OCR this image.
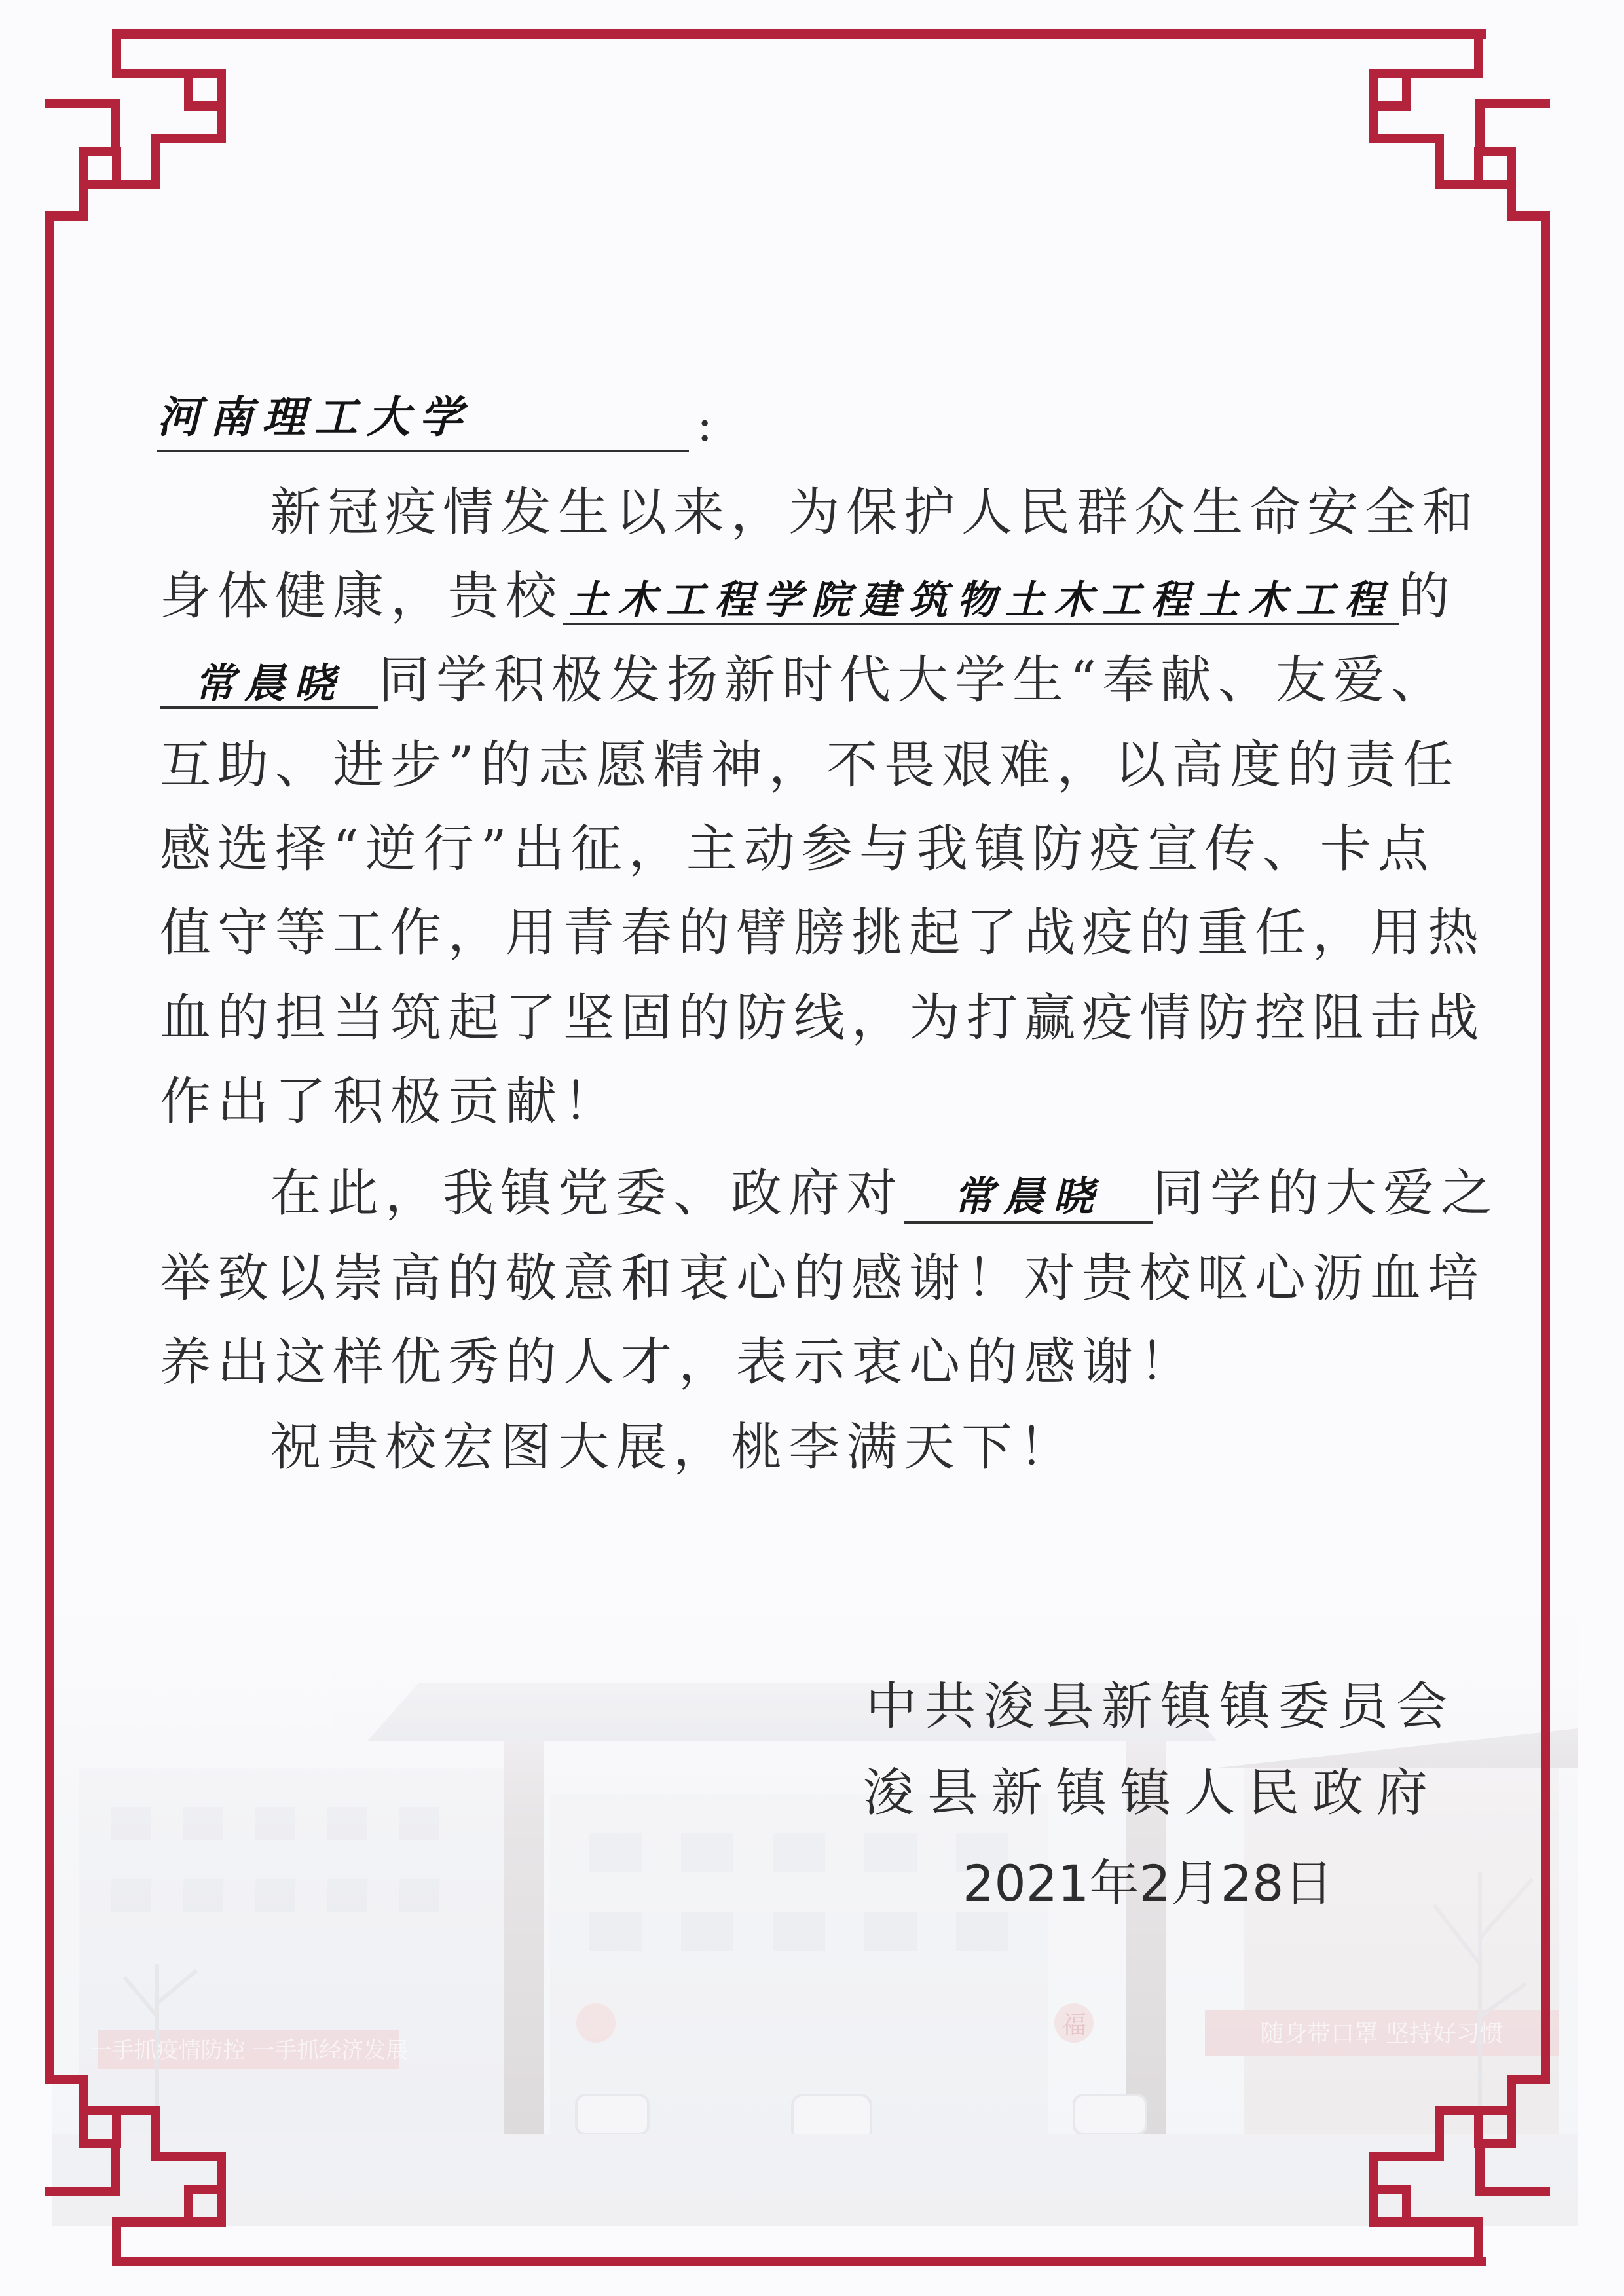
河南理工大学	:
新冠疫情发生以来，为保护人民群众生命安全和
身体健康，贵校 土木工程学院建筑物土木工程土木工程 的
常晨晓 同学积极发扬新时代大学生“奉献、友爱、
互助、进步”的志愿精神，不畏艰难，以高度的责任
感选择“逆行”出征，主动参与我镇防疫宣传、卡点
值守等工作，用青春的臂膀挑起了战疫的重任，用热
血的担当筑起了坚固的防线，为打赢疫情防控阻击战
作出了积极贡献！
在此，我镇党委、政府对 常晨晓 同学的大爱之
举致以崇高的敬意和衷心的感谢！对贵校呕心沥血培
养出这样优秀的人才，表示衷心的感谢！
祝贵校宏图大展，桃李满天下！
中共浚县新镇镇委员会
浚县新镇镇人民政府
2021年2月28日
